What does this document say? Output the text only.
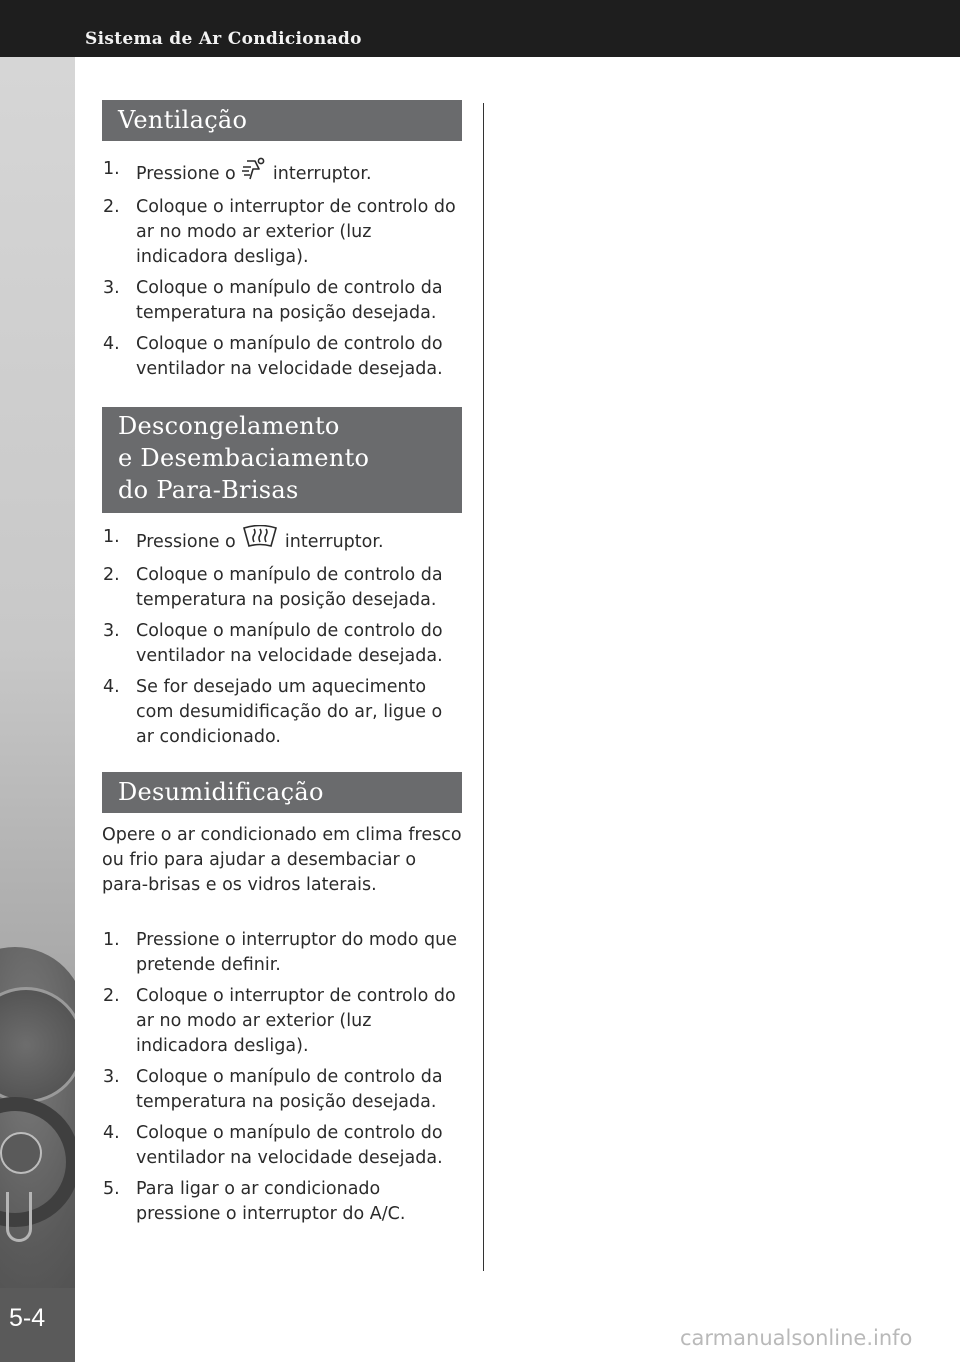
Sistema de Ar Condicionado
5-4
Ventilação
1. Pressione o interruptor.
2. Coloque o interruptor de controlo do ar no modo ar exterior (luz indicadora desliga).
3. Coloque o manípulo de controlo da temperatura na posição desejada.
4. Coloque o manípulo de controlo do ventilador na velocidade desejada.
Descongelamento
e Desembaciamento
do Para-Brisas
1. Pressione o	interruptor.
2. Coloque o manípulo de controlo da temperatura na posição desejada.
3. Coloque o manípulo de controlo do ventilador na velocidade desejada.
4. Se for desejado um aquecimento com desumidificação do ar, ligue o ar condicionado.
Desumidificação

Opere o ar condicionado em clima fresco ou frio para ajudar a desembaciar o para-brisas e os vidros laterais.

1. Pressione o interruptor do modo que pretende definir.
2. Coloque o interruptor de controlo do ar no modo ar exterior (luz indicadora desliga).
3. Coloque o manípulo de controlo da temperatura na posição desejada.
4. Coloque o manípulo de controlo do ventilador na velocidade desejada.
5. Para ligar o ar condicionado pressione o interruptor do A/C.
carmanualsonline.info
